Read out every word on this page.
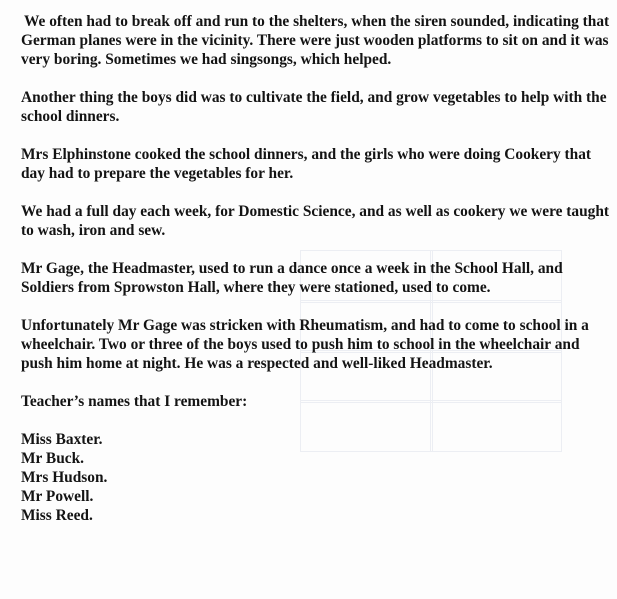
We often had to break off and run to the shelters, when the siren sounded, indicating that German planes were in the vicinity. There were just wooden platforms to sit on and it was very boring. Sometimes we had singsongs, which helped.

Another thing the boys did was to cultivate the field, and grow vegetables to help with the school dinners.

Mrs Elphinstone cooked the school dinners, and the girls who were doing Cookery that day had to prepare the vegetables for her.

We had a full day each week, for Domestic Science, and as well as cookery we were taught to wash, iron and sew.

Mr Gage, the Headmaster, used to run a dance once a week in the School Hall, and Soldiers from Sprowston Hall, where they were stationed, used to come.

Unfortunately Mr Gage was stricken with Rheumatism, and had to come to school in a wheelchair. Two or three of the boys used to push him to school in the wheelchair and push him home at night. He was a respected and well-liked Headmaster.

Teacher’s names that I remember:

Miss Baxter.
Mr Buck.
Mrs Hudson.
Mr Powell.
Miss Reed.
